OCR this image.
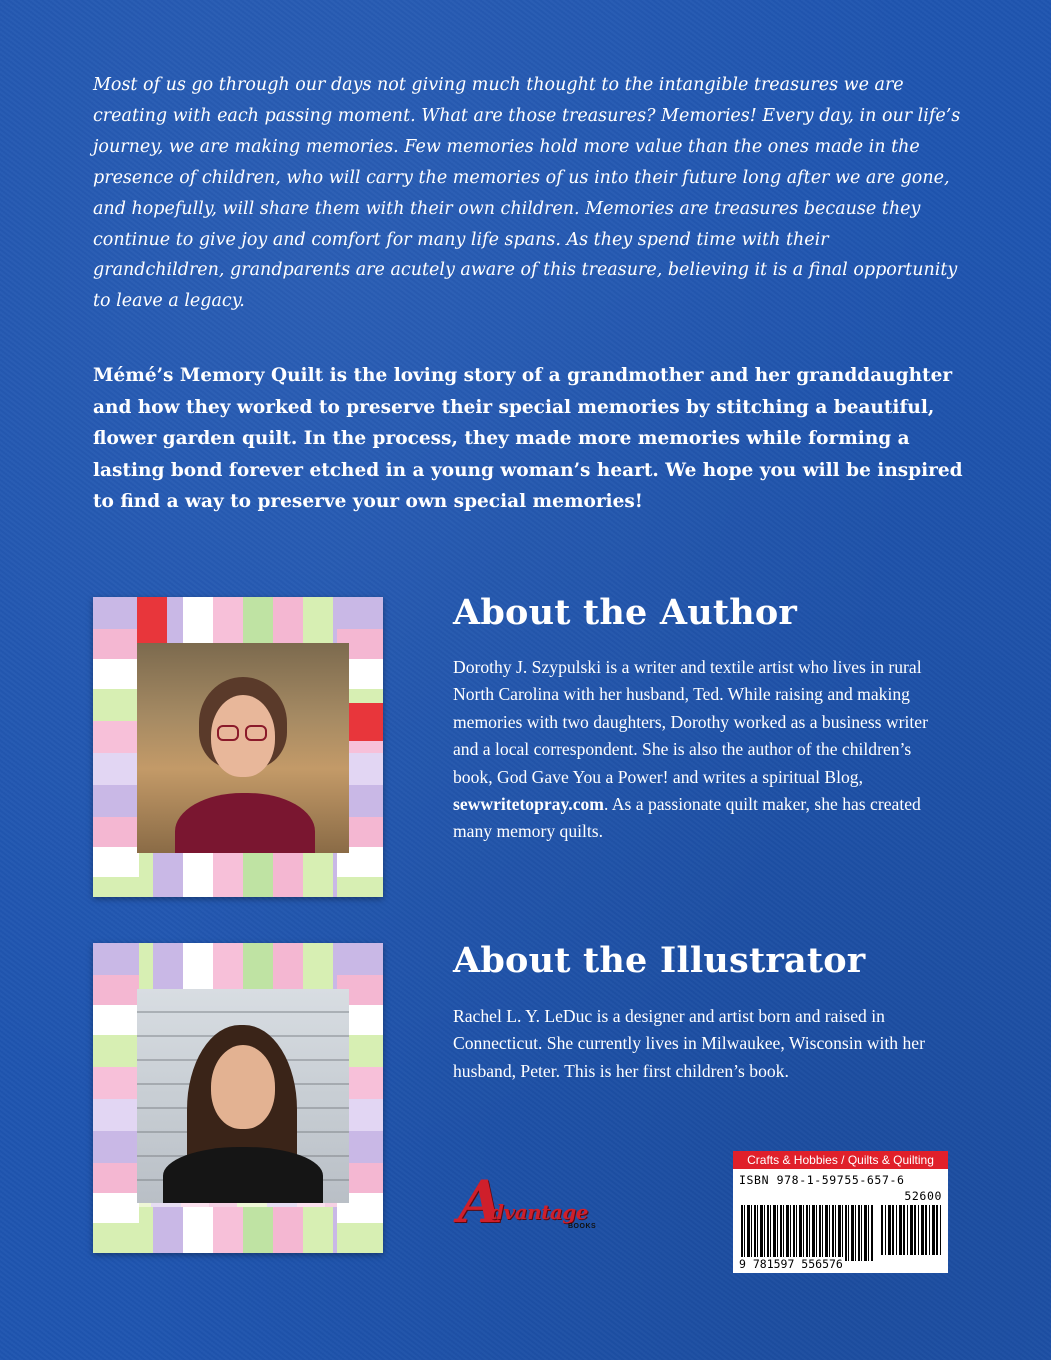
Most of us go through our days not giving much thought to the intangible treasures we are creating with each passing moment. What are those treasures? Memories! Every day, in our life’s journey, we are making memories. Few memories hold more value than the ones made in the presence of children, who will carry the memories of us into their future long after we are gone, and hopefully, will share them with their own children. Memories are treasures because they continue to give joy and comfort for many life spans. As they spend time with their grandchildren, grandparents are acutely aware of this treasure, believing it is a final opportunity to leave a legacy.

Mémé’s Memory Quilt is the loving story of a grandmother and her granddaughter and how they worked to preserve their special memories by stitching a beautiful, flower garden quilt. In the process, they made more memories while forming a lasting bond forever etched in a young woman’s heart. We hope you will be inspired to find a way to preserve your own special memories!

About the Author

Dorothy J. Szypulski is a writer and textile artist who lives in rural North Carolina with her husband, Ted. While raising and making memories with two daughters, Dorothy worked as a business writer and a local correspondent. She is also the author of the children’s book, God Gave You a Power! and writes a spiritual Blog, sewwritetopray.com. As a passionate quilt maker, she has created many memory quilts.

About the Illustrator

Rachel L. Y. LeDuc is a designer and artist born and raised in Connecticut. She currently lives in Milwaukee, Wisconsin with her husband, Peter. This is her first children’s book.

A
dvantage
BOOKS
Crafts & Hobbies / Quilts & Quilting
ISBN 978-1-59755-657-6
52600
9 781597 556576
